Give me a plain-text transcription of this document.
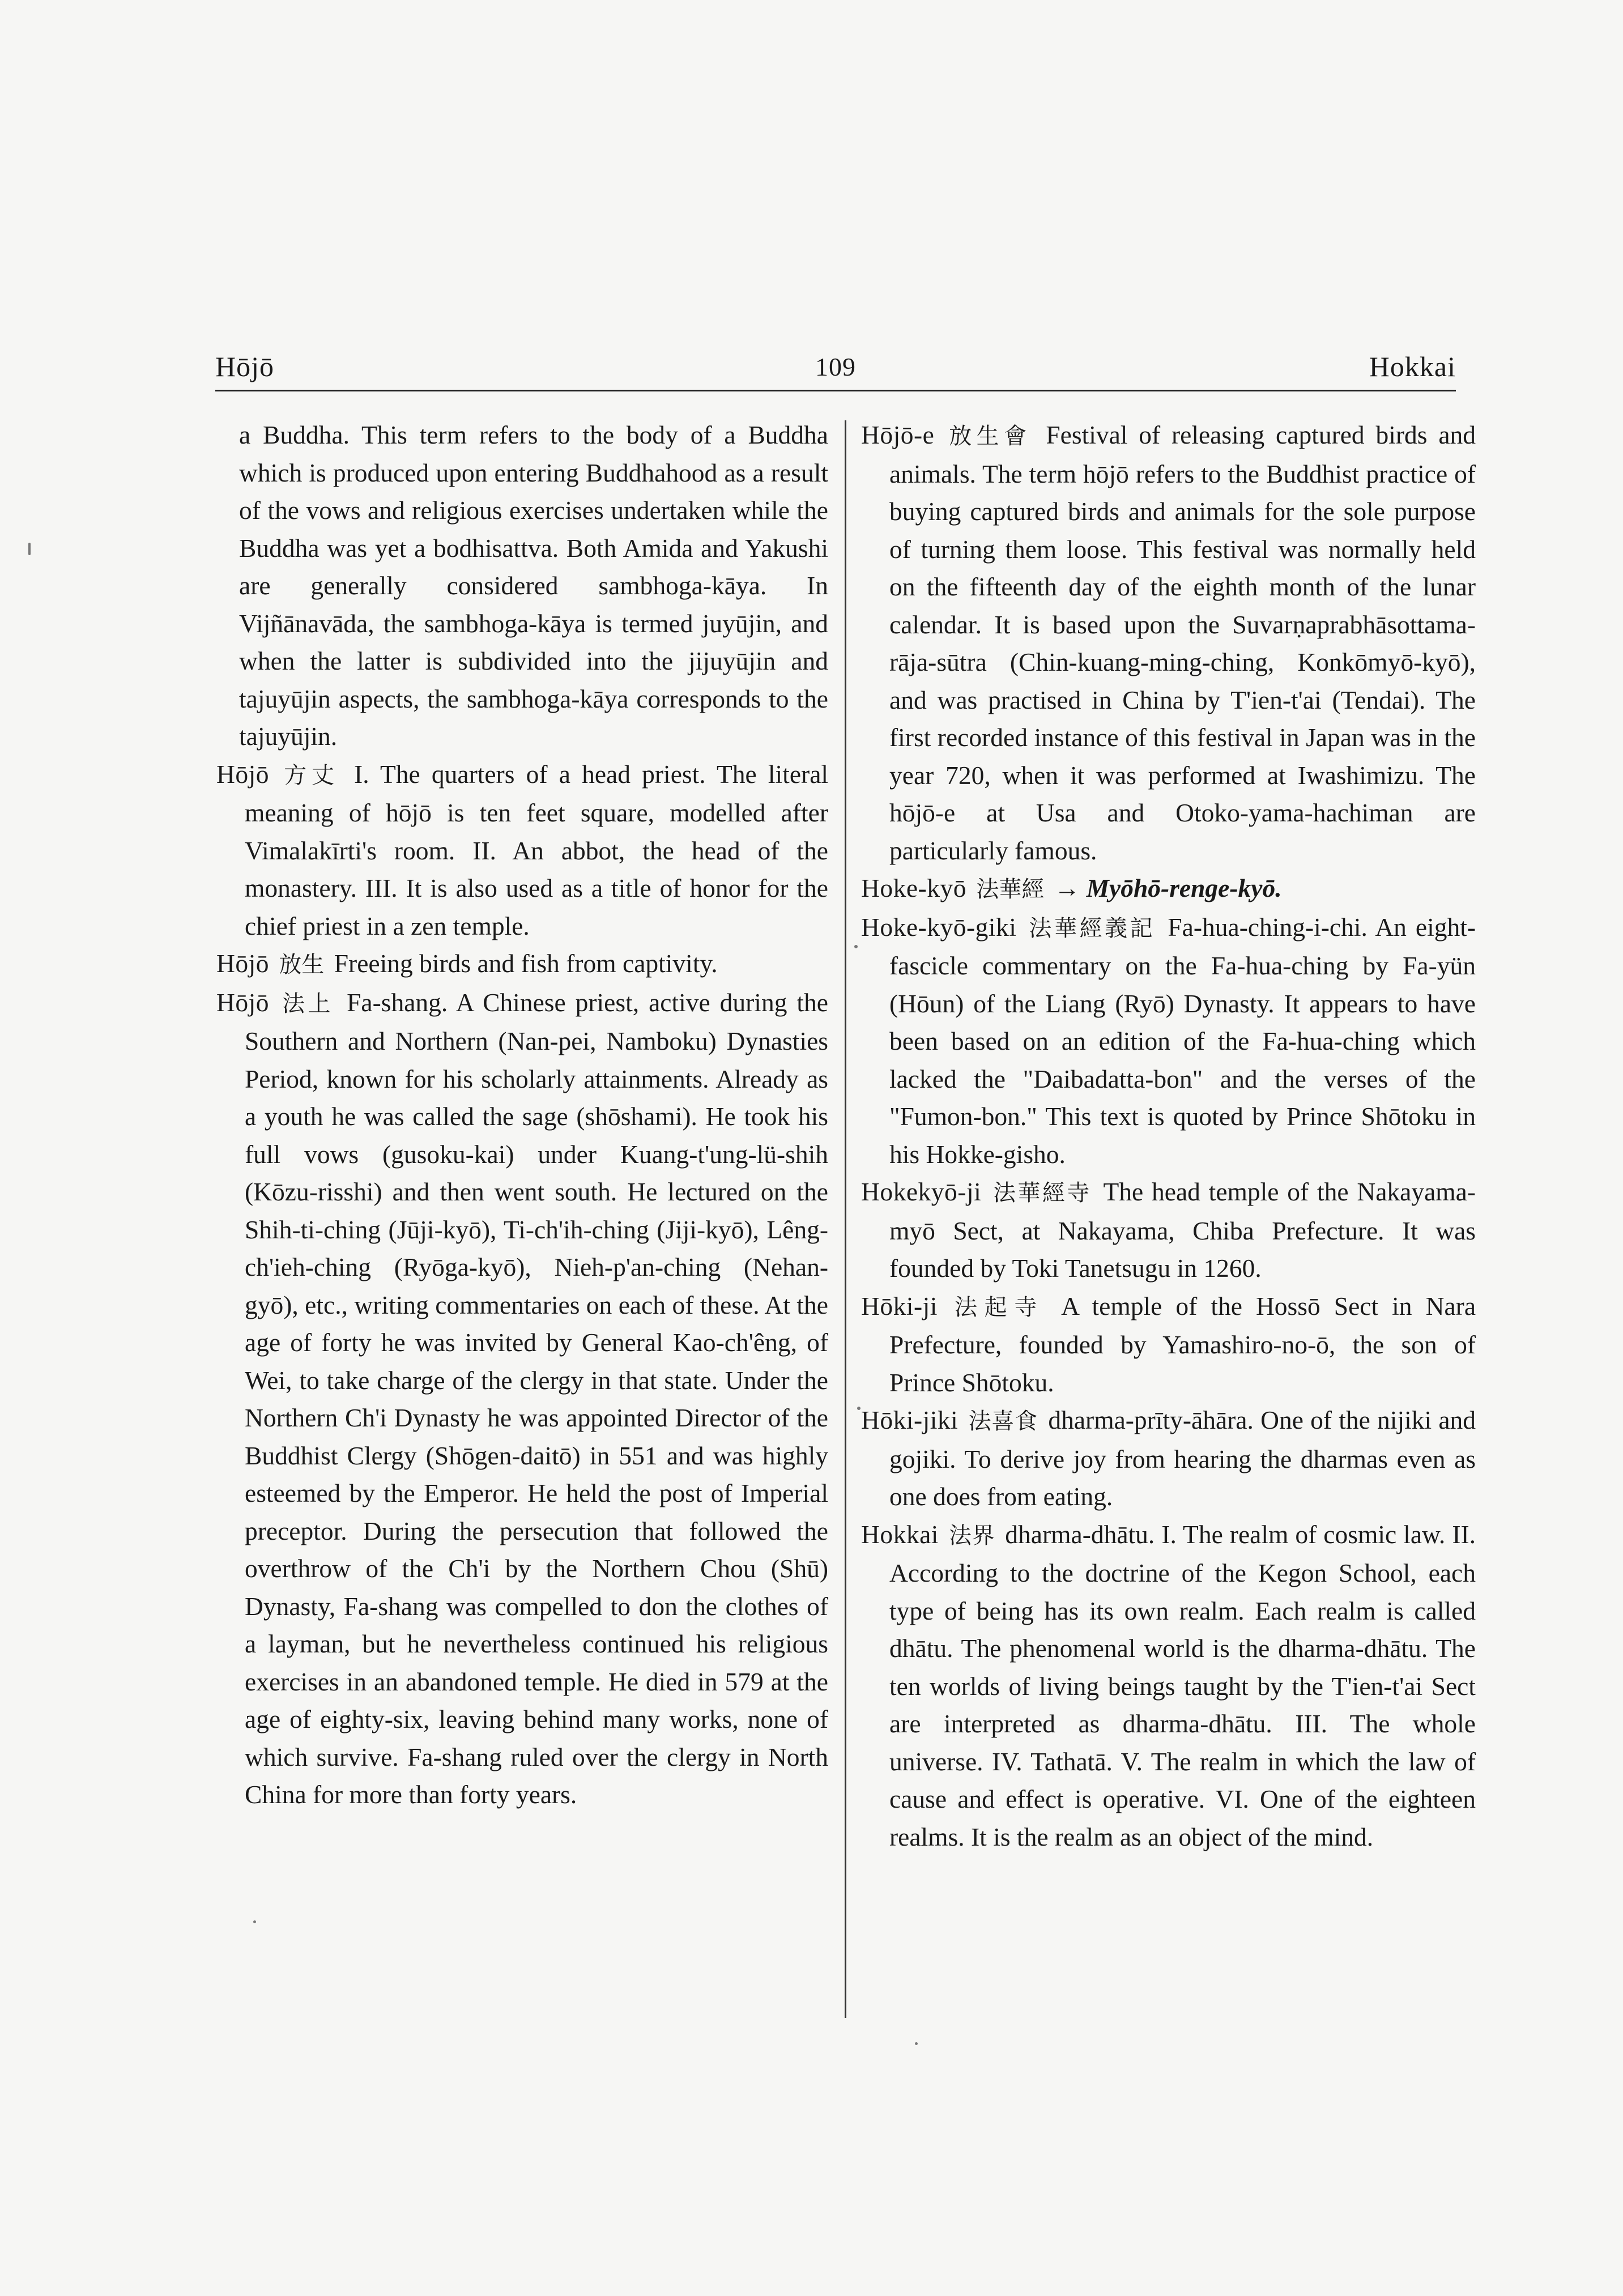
Hōjō	109	Hokkai

a Buddha. This term refers to the body of a Buddha which is produced upon entering Buddhahood as a result of the vows and religious exercises undertaken while the Buddha was yet a bodhisattva. Both Amida and Yakushi are generally considered sambhoga-kāya. In Vijñānavāda, the sambhoga-kāya is termed juyūjin, and when the latter is subdivided into the jijuyūjin and tajuyūjin aspects, the sambhoga-kāya corresponds to the tajuyūjin.

Hōjō 方丈 I. The quarters of a head priest. The literal meaning of hōjō is ten feet square, modelled after Vimalakīrti's room. II. An abbot, the head of the monastery. III. It is also used as a title of honor for the chief priest in a zen temple.

Hōjō 放生 Freeing birds and fish from captivity.

Hōjō 法上 Fa-shang. A Chinese priest, active during the Southern and Northern (Nan-pei, Namboku) Dynasties Period, known for his scholarly attainments. Already as a youth he was called the sage (shōshami). He took his full vows (gusoku-kai) under Kuang-t'ung-lü-shih (Kōzu-risshi) and then went south. He lectured on the Shih-ti-ching (Jūji-kyō), Ti-ch'ih-ching (Jiji-kyō), Lêng-ch'ieh-ching (Ryōga-kyō), Nieh-p'an-ching (Nehan-gyō), etc., writing commentaries on each of these. At the age of forty he was invited by General Kao-ch'êng, of Wei, to take charge of the clergy in that state. Under the Northern Ch'i Dynasty he was appointed Director of the Buddhist Clergy (Shōgen-daitō) in 551 and was highly esteemed by the Emperor. He held the post of Imperial preceptor. During the persecution that followed the overthrow of the Ch'i by the Northern Chou (Shū) Dynasty, Fa-shang was compelled to don the clothes of a layman, but he nevertheless continued his religious exercises in an abandoned temple. He died in 579 at the age of eighty-six, leaving behind many works, none of which survive. Fa-shang ruled over the clergy in North China for more than forty years.

Hōjō-e 放生會 Festival of releasing captured birds and animals. The term hōjō refers to the Buddhist practice of buying captured birds and animals for the sole purpose of turning them loose. This festival was normally held on the fifteenth day of the eighth month of the lunar calendar. It is based upon the Suvarṇaprabhāsottama-rāja-sūtra (Chin-kuang-ming-ching, Konkōmyō-kyō), and was practised in China by T'ien-t'ai (Tendai). The first recorded instance of this festival in Japan was in the year 720, when it was performed at Iwashimizu. The hōjō-e at Usa and Otoko-yama-hachiman are particularly famous.

Hoke-kyō 法華經 → Myōhō-renge-kyō.

Hoke-kyō-giki 法華經義記 Fa-hua-ching-i-chi. An eight-fascicle commentary on the Fa-hua-ching by Fa-yün (Hōun) of the Liang (Ryō) Dynasty. It appears to have been based on an edition of the Fa-hua-ching which lacked the "Daibadatta-bon" and the verses of the "Fumon-bon." This text is quoted by Prince Shōtoku in his Hokke-gisho.

Hokekyō-ji 法華經寺 The head temple of the Nakayama-myō Sect, at Nakayama, Chiba Prefecture. It was founded by Toki Tanetsugu in 1260.

Hōki-ji 法起寺 A temple of the Hossō Sect in Nara Prefecture, founded by Yamashiro-no-ō, the son of Prince Shōtoku.

Hōki-jiki 法喜食 dharma-prīty-āhāra. One of the nijiki and gojiki. To derive joy from hearing the dharmas even as one does from eating.

Hokkai 法界 dharma-dhātu. I. The realm of cosmic law. II. According to the doctrine of the Kegon School, each type of being has its own realm. Each realm is called dhātu. The phenomenal world is the dharma-dhātu. The ten worlds of living beings taught by the T'ien-t'ai Sect are interpreted as dharma-dhātu. III. The whole universe. IV. Tathatā. V. The realm in which the law of cause and effect is operative. VI. One of the eighteen realms. It is the realm as an object of the mind.
